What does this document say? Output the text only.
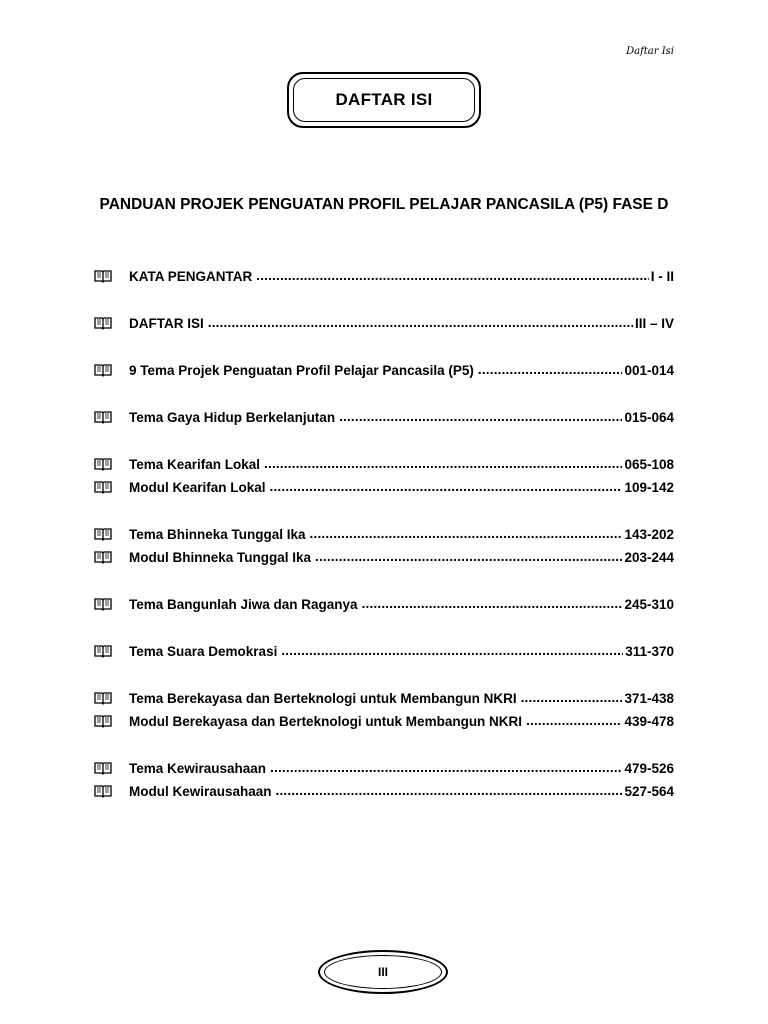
Daftar Isi
DAFTAR ISI
PANDUAN PROJEK PENGUATAN PROFIL PELAJAR PANCASILA (P5) FASE D
KATA PENGANTAR .....	I - II
DAFTAR ISI .....	III – IV
9 Tema Projek Penguatan Profil Pelajar Pancasila (P5) .....	001-014
Tema Gaya Hidup Berkelanjutan .....	015-064
Tema Kearifan Lokal .....	065-108
Modul Kearifan Lokal .....	109-142
Tema Bhinneka Tunggal Ika .....	143-202
Modul Bhinneka Tunggal Ika .....	203-244
Tema Bangunlah Jiwa dan Raganya .....	245-310
Tema Suara Demokrasi .....	311-370
Tema Berekayasa dan Berteknologi untuk Membangun NKRI .....	371-438
Modul Berekayasa dan Berteknologi untuk Membangun NKRI .....	439-478
Tema Kewirausahaan .....	479-526
Modul Kewirausahaan .....	527-564
III
